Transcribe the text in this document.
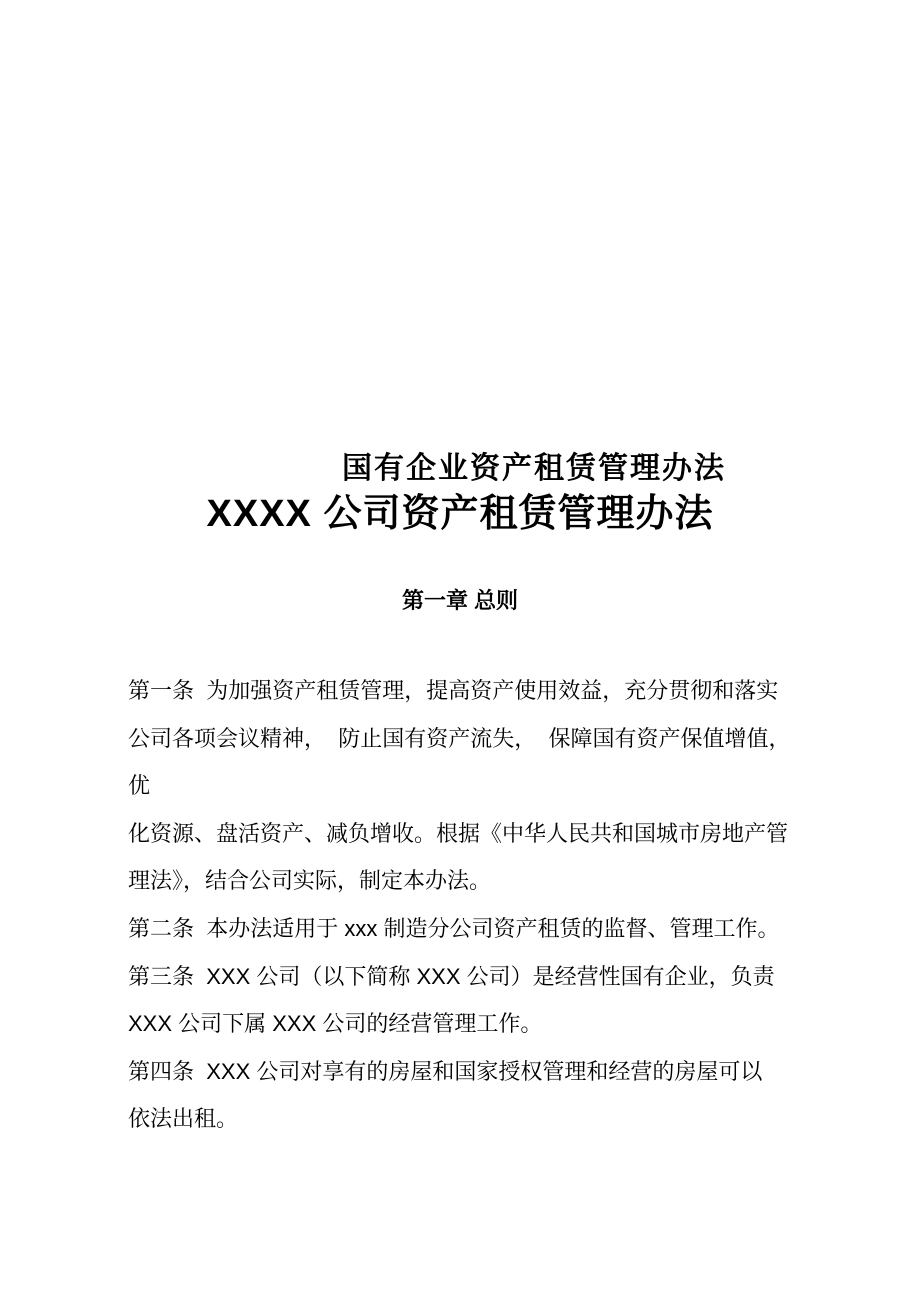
国有企业资产租赁管理办法
XXXX 公司资产租赁管理办法
第一章 总则
第一条  为加强资产租赁管理，提高资产使用效益，充分贯彻和落实
公司各项会议精神，  防止国有资产流失，  保障国有资产保值增值，
优
化资源、盘活资产、减负增收。根据《中华人民共和国城市房地产管
理法》，结合公司实际，制定本办法。
第二条  本办法适用于 xxx 制造分公司资产租赁的监督、管理工作。
第三条  XXX 公司（以下简称 XXX 公司）是经营性国有企业，负责
XXX 公司下属 XXX 公司的经营管理工作。
第四条  XXX 公司对享有的房屋和国家授权管理和经营的房屋可以
依法出租。
